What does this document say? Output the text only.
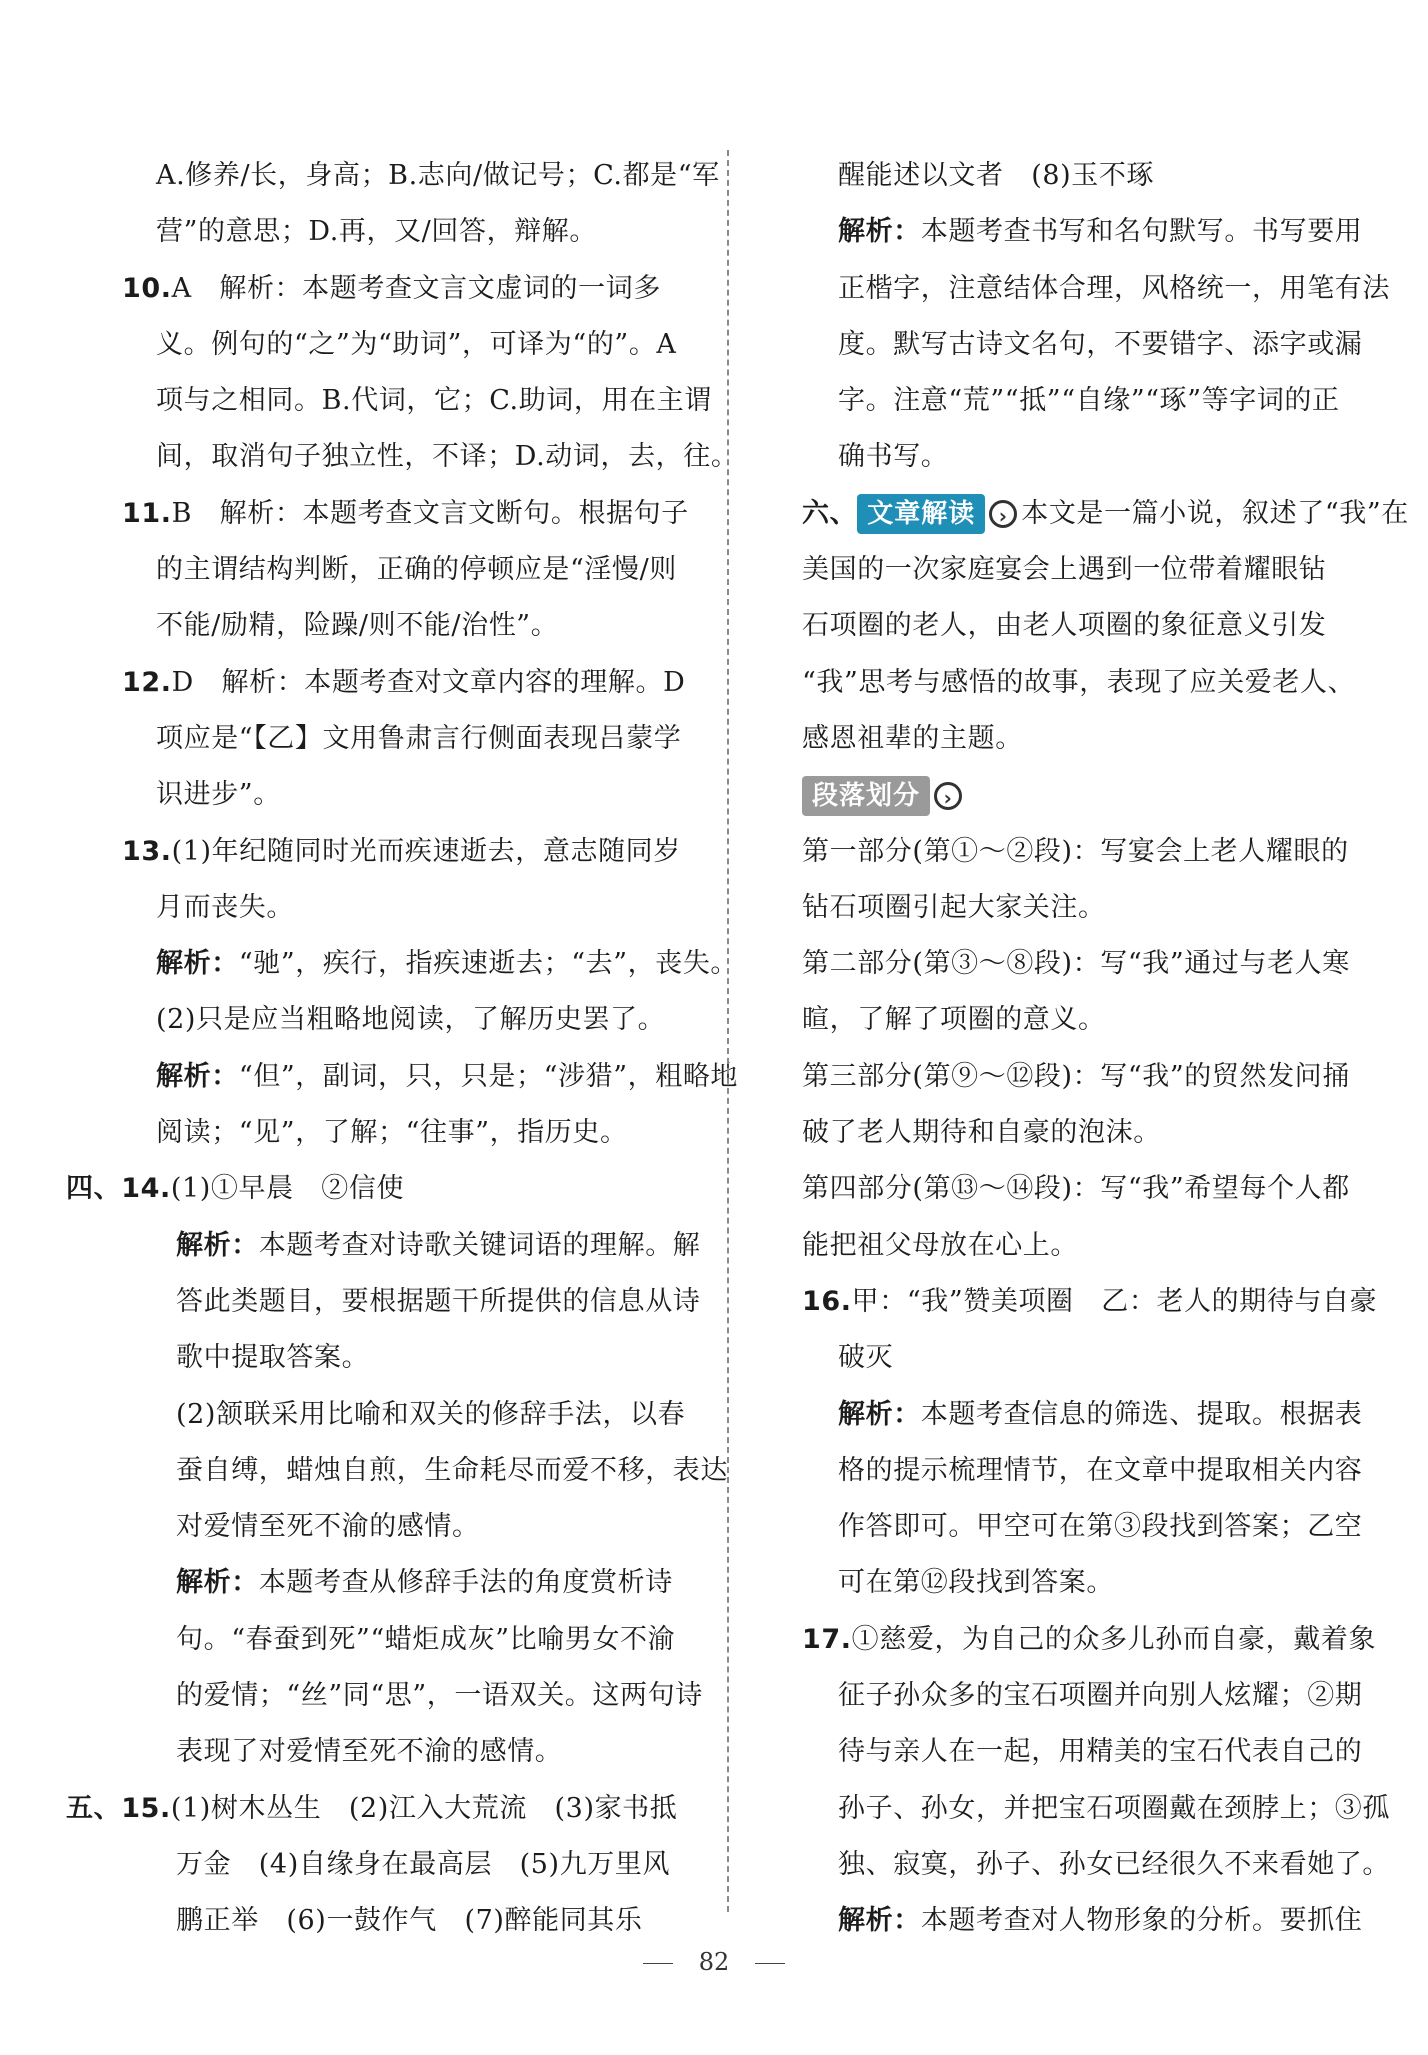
A.修养/长，身高；B.志向/做记号；C.都是“军
营”的意思；D.再，又/回答，辩解。
10.A　解析：本题考查文言文虚词的一词多
义。例句的“之”为“助词”，可译为“的”。A
项与之相同。B.代词，它；C.助词，用在主谓
间，取消句子独立性，不译；D.动词，去，往。
11.B　解析：本题考查文言文断句。根据句子
的主谓结构判断，正确的停顿应是“淫慢/则
不能/励精，险躁/则不能/治性”。
12.D　解析：本题考查对文章内容的理解。D
项应是“【乙】文用鲁肃言行侧面表现吕蒙学
识进步”。
13.(1)年纪随同时光而疾速逝去，意志随同岁
月而丧失。
解析：“驰”，疾行，指疾速逝去；“去”，丧失。
(2)只是应当粗略地阅读，了解历史罢了。
解析：“但”，副词，只，只是；“涉猎”，粗略地
阅读；“见”，了解；“往事”，指历史。
四、14.(1)①早晨　②信使
解析：本题考查对诗歌关键词语的理解。解
答此类题目，要根据题干所提供的信息从诗
歌中提取答案。
(2)颔联采用比喻和双关的修辞手法，以春
蚕自缚，蜡烛自煎，生命耗尽而爱不移，表达
对爱情至死不渝的感情。
解析：本题考查从修辞手法的角度赏析诗
句。“春蚕到死”“蜡炬成灰”比喻男女不渝
的爱情；“丝”同“思”，一语双关。这两句诗
表现了对爱情至死不渝的感情。
五、15.(1)树木丛生　(2)江入大荒流　(3)家书抵
万金　(4)自缘身在最高层　(5)九万里风
鹏正举　(6)一鼓作气　(7)醉能同其乐
醒能述以文者　(8)玉不琢
解析：本题考查书写和名句默写。书写要用
正楷字，注意结体合理，风格统一，用笔有法
度。默写古诗文名句，不要错字、添字或漏
字。注意“荒”“抵”“自缘”“琢”等字词的正
确书写。
六、 文章解读 › 本文是一篇小说，叙述了“我”在
美国的一次家庭宴会上遇到一位带着耀眼钻
石项圈的老人，由老人项圈的象征意义引发
“我”思考与感悟的故事，表现了应关爱老人、
感恩祖辈的主题。
段落划分 ›
第一部分(第①～②段)：写宴会上老人耀眼的
钻石项圈引起大家关注。
第二部分(第③～⑧段)：写“我”通过与老人寒
暄，了解了项圈的意义。
第三部分(第⑨～⑫段)：写“我”的贸然发问捅
破了老人期待和自豪的泡沫。
第四部分(第⑬～⑭段)：写“我”希望每个人都
能把祖父母放在心上。
16.甲：“我”赞美项圈　乙：老人的期待与自豪
破灭
解析：本题考查信息的筛选、提取。根据表
格的提示梳理情节，在文章中提取相关内容
作答即可。甲空可在第③段找到答案；乙空
可在第⑫段找到答案。
17.①慈爱，为自己的众多儿孙而自豪，戴着象
征子孙众多的宝石项圈并向别人炫耀；②期
待与亲人在一起，用精美的宝石代表自己的
孙子、孙女，并把宝石项圈戴在颈脖上；③孤
独、寂寞，孙子、孙女已经很久不来看她了。
解析：本题考查对人物形象的分析。要抓住
82
